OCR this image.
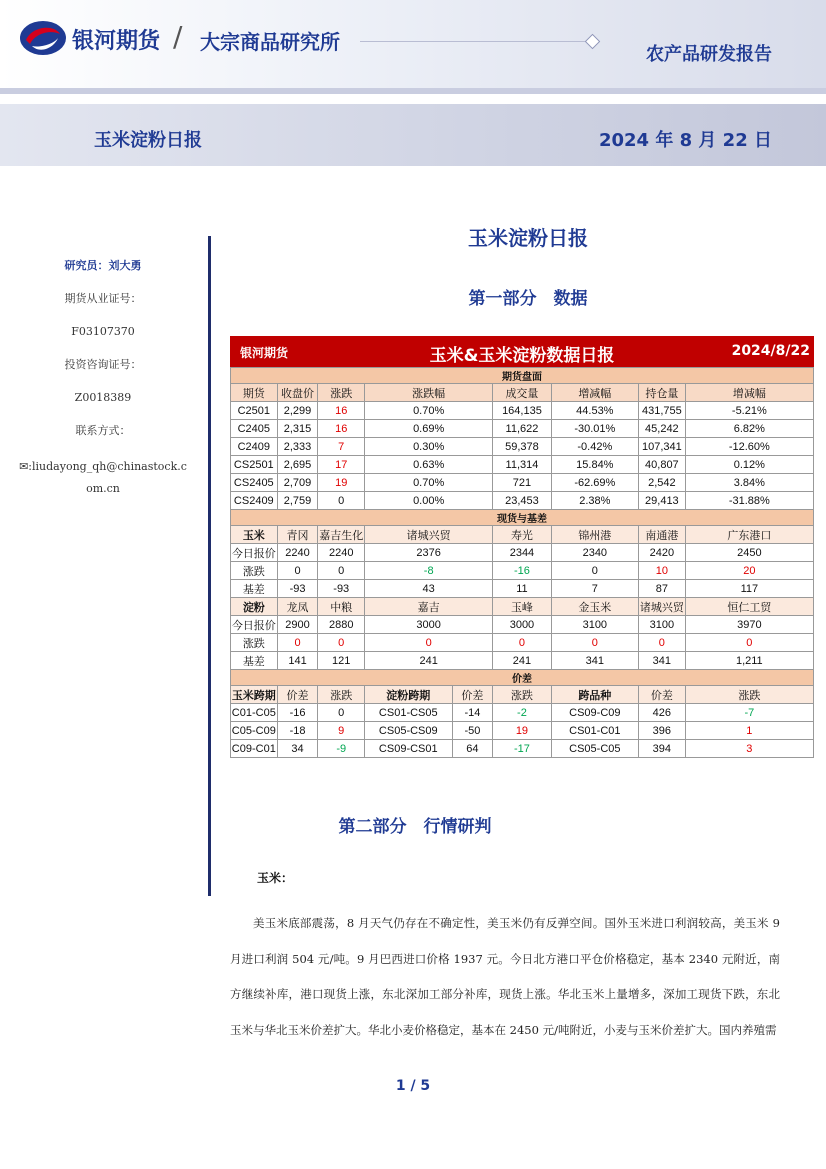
银河期货 / 大宗商品研究所
农产品研发报告
玉米淀粉日报	2024 年 8 月 22 日
研究员：刘大勇
期货从业证号：
F03107370
投资咨询证号：
Z0018389
联系方式：
✉:liudayong_qh@chinastock.com.cn
玉米淀粉日报
第一部分　数据
银河期货	玉米&玉米淀粉数据日报	2024/8/22
期货盘面								
期货	收盘价	涨跌	涨跌幅		成交量	增减幅	持仓量	增减幅
C2501	2,299	16	0.70%		164,135	44.53%	431,755	-5.21%
C2405	2,315	16	0.69%		11,622	-30.01%	45,242	6.82%
C2409	2,333	7	0.30%		59,378	-0.42%	107,341	-12.60%
CS2501	2,695	17	0.63%		11,314	15.84%	40,807	0.12%
CS2405	2,709	19	0.70%		721	-62.69%	2,542	3.84%
CS2409	2,759	0	0.00%		23,453	2.38%	29,413	-31.88%
现货与基差								
玉米	青冈	嘉吉生化	诸城兴贸		寿光	锦州港	南通港	广东港口
今日报价	2240	2240	2376		2344	2340	2420	2450
涨跌	0	0	-8		-16	0	10	20
基差	-93	-93	43		11	7	87	117
淀粉	龙凤	中粮	嘉吉		玉峰	金玉米	诸城兴贸	恒仁工贸
今日报价	2900	2880	3000		3000	3100	3100	3970
涨跌	0	0	0		0	0	0	0
基差	141	121	241		241	341	341	1,211
价差								
玉米跨期	价差	涨跌	淀粉跨期	价差	涨跌	跨品种	价差	涨跌
C01-C05	-16	0	CS01-CS05	-14	-2	CS09-C09	426	-7
C05-C09	-18	9	CS05-CS09	-50	19	CS01-C01	396	1
C09-C01	34	-9	CS09-CS01	64	-17	CS05-C05	394	3
第二部分　行情研判
玉米：
美玉米底部震荡，8 月天气仍存在不确定性，美玉米仍有反弹空间。国外玉米进口利润较高，美玉米 9 月进口利润 504 元/吨。9 月巴西进口价格 1937 元。今日北方港口平仓价格稳定，基本 2340 元附近，南方继续补库，港口现货上涨，东北深加工部分补库，现货上涨。华北玉米上量增多，深加工现货下跌，东北玉米与华北玉米价差扩大。华北小麦价格稳定，基本在 2450 元/吨附近，小麦与玉米价差扩大。国内养殖需
1 / 5
